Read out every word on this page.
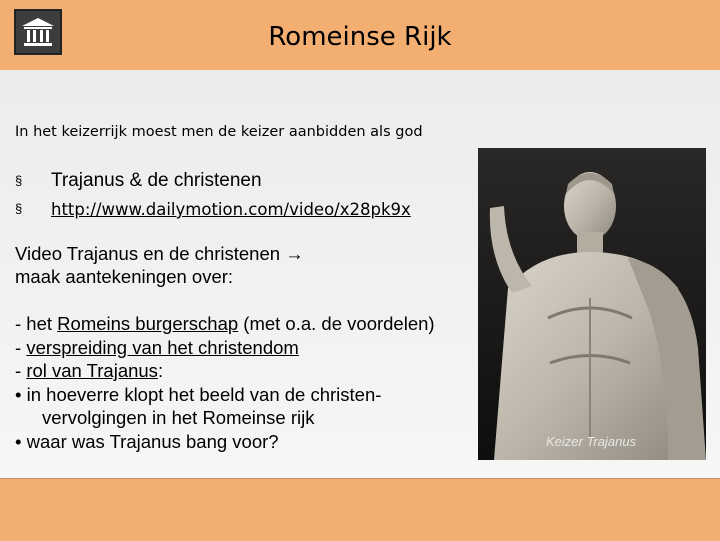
Romeinse Rijk
In het keizerrijk moest men de keizer aanbidden als god
§ Trajanus & de christenen
§ http://www.dailymotion.com/video/x28pk9x
Video Trajanus en de christenen →
maak aantekeningen over:
- het Romeins burgerschap (met o.a. de voordelen)
- verspreiding van het christendom
- rol van Trajanus:
• in hoeverre klopt het beeld van de christen-
vervolgingen in het Romeinse rijk
• waar was Trajanus bang voor?	Keizer Trajanus
